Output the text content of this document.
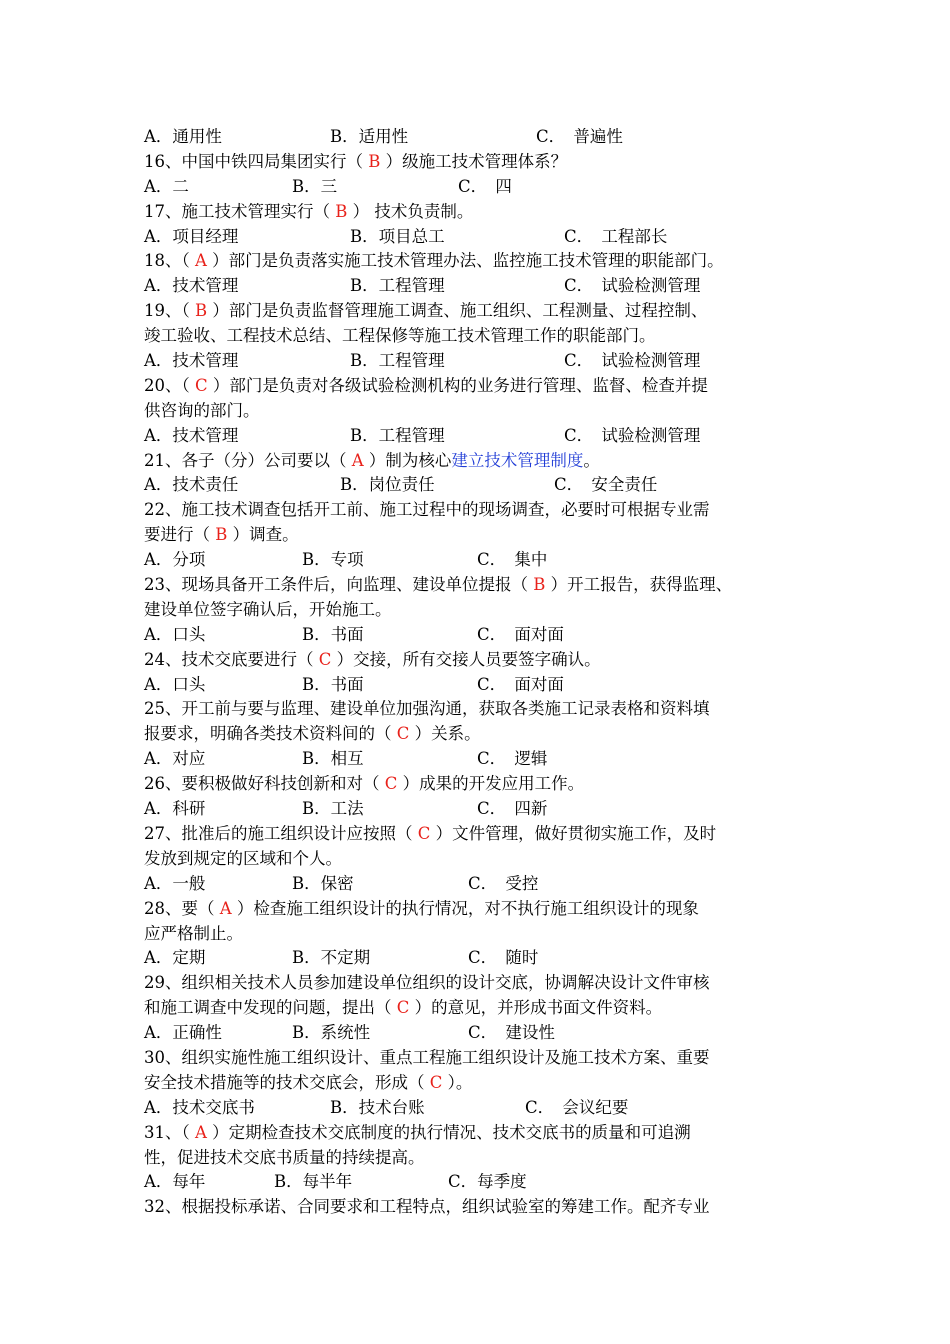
A．通用性	B．适用性	C．　普遍性
16、中国中铁四局集团实行（ B ）级施工技术管理体系？
A．二	B．三	C．　四
17、施工技术管理实行（ B ） 技术负责制。
A．项目经理	B．项目总工	C．　工程部长
18、（ A ）部门是负责落实施工技术管理办法、监控施工技术管理的职能部门。
A．技术管理	B．工程管理	C．　试验检测管理
19、（ B ）部门是负责监督管理施工调查、施工组织、工程测量、过程控制、
竣工验收、工程技术总结、工程保修等施工技术管理工作的职能部门。
A．技术管理	B．工程管理	C．　试验检测管理
20、（ C ）部门是负责对各级试验检测机构的业务进行管理、监督、检查并提
供咨询的部门。
A．技术管理	B．工程管理	C．　试验检测管理
21、各子（分）公司要以（ A ）制为核心建立技术管理制度。
A．技术责任	B．岗位责任	C．　安全责任
22、施工技术调查包括开工前、施工过程中的现场调查，必要时可根据专业需
要进行（ B ）调查。
A．分项	B．专项	C．　集中
23、现场具备开工条件后，向监理、建设单位提报（ B ）开工报告，获得监理、
建设单位签字确认后，开始施工。
A．口头	B．书面	C．　面对面
24、技术交底要进行（ C ）交接，所有交接人员要签字确认。
A．口头	B．书面	C．　面对面
25、开工前与要与监理、建设单位加强沟通，获取各类施工记录表格和资料填
报要求，明确各类技术资料间的（ C ）关系。
A．对应	B．相互	C．　逻辑
26、要积极做好科技创新和对（ C ）成果的开发应用工作。
A．科研	B．工法	C．　四新
27、批准后的施工组织设计应按照（ C ）文件管理，做好贯彻实施工作，及时
发放到规定的区域和个人。
A．一般	B．保密	C．　受控
28、要（ A ）检查施工组织设计的执行情况，对不执行施工组织设计的现象
应严格制止。
A．定期	B．不定期	C．　随时
29、组织相关技术人员参加建设单位组织的设计交底，协调解决设计文件审核
和施工调查中发现的问题，提出（ C ）的意见，并形成书面文件资料。
A．正确性	B．系统性	C．　建设性
30、组织实施性施工组织设计、重点工程施工组织设计及施工技术方案、重要
安全技术措施等的技术交底会，形成（ C ）。
A．技术交底书	B．技术台账	C．　会议纪要
31、（ A ）定期检查技术交底制度的执行情况、技术交底书的质量和可追溯
性，促进技术交底书质量的持续提高。
A．每年	B．每半年	C．每季度
32、根据投标承诺、合同要求和工程特点，组织试验室的筹建工作。配齐专业
